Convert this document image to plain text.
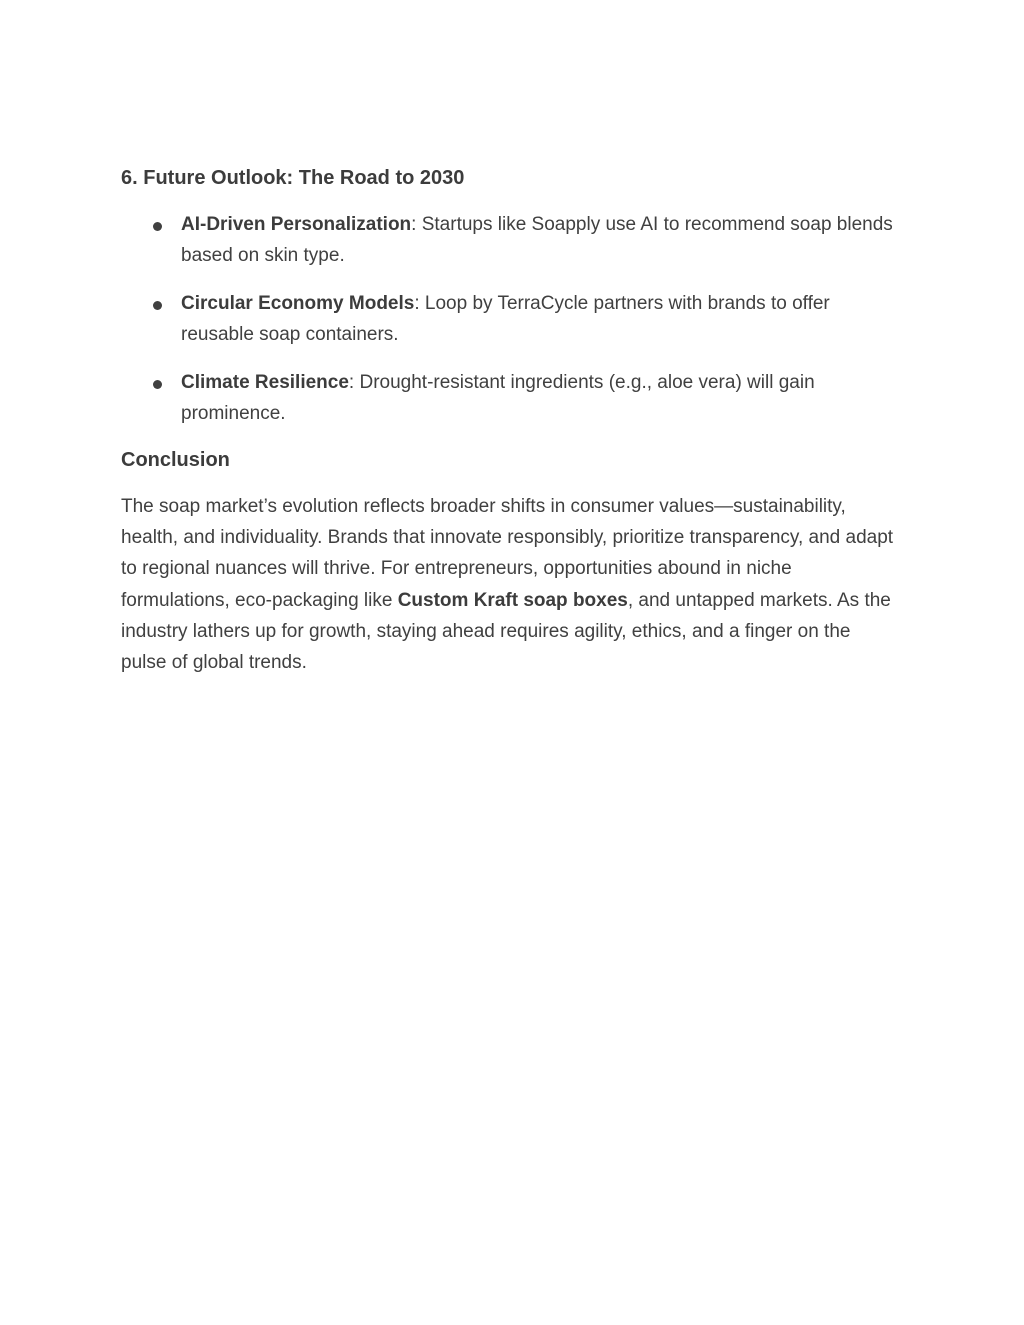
6. Future Outlook: The Road to 2030
AI-Driven Personalization: Startups like Soapply use AI to recommend soap blends based on skin type.
Circular Economy Models: Loop by TerraCycle partners with brands to offer reusable soap containers.
Climate Resilience: Drought-resistant ingredients (e.g., aloe vera) will gain prominence.
Conclusion

The soap market’s evolution reflects broader shifts in consumer values—sustainability, health, and individuality. Brands that innovate responsibly, prioritize transparency, and adapt to regional nuances will thrive. For entrepreneurs, opportunities abound in niche formulations, eco-packaging like Custom Kraft soap boxes, and untapped markets. As the industry lathers up for growth, staying ahead requires agility, ethics, and a finger on the pulse of global trends.
